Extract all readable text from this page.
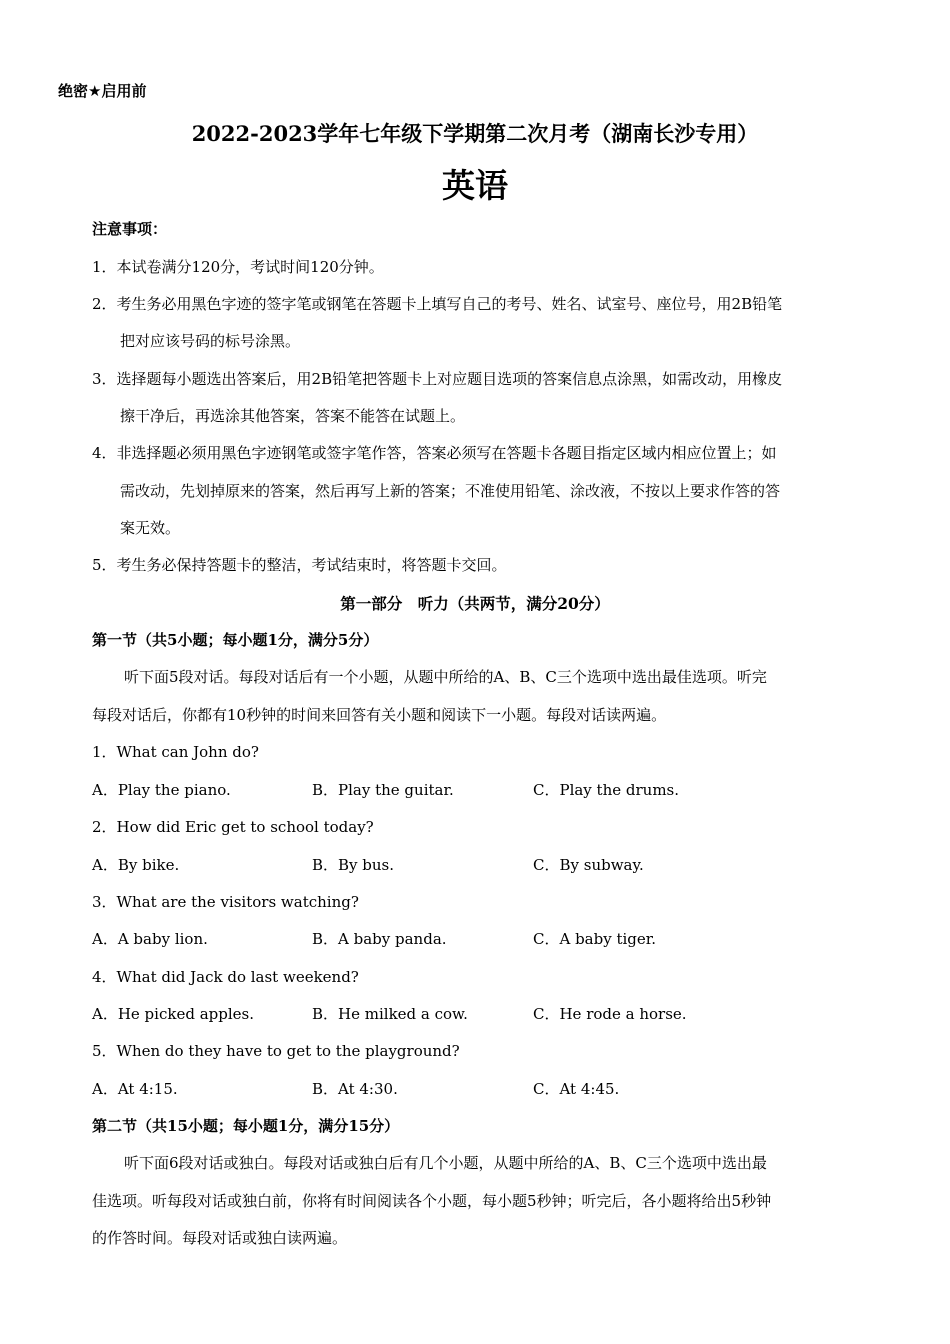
绝密★启用前
2022-2023学年七年级下学期第二次月考（湖南长沙专用）
英语
注意事项：
1．本试卷满分120分，考试时间120分钟。
2．考生务必用黑色字迹的签字笔或钢笔在答题卡上填写自己的考号、姓名、试室号、座位号，用2B铅笔
把对应该号码的标号涂黑。
3．选择题每小题选出答案后，用2B铅笔把答题卡上对应题目选项的答案信息点涂黑，如需改动，用橡皮
擦干净后，再选涂其他答案，答案不能答在试题上。
4．非选择题必须用黑色字迹钢笔或签字笔作答，答案必须写在答题卡各题目指定区域内相应位置上；如
需改动，先划掉原来的答案，然后再写上新的答案；不准使用铅笔、涂改液，不按以上要求作答的答
案无效。
5．考生务必保持答题卡的整洁，考试结束时，将答题卡交回。
第一部分　听力（共两节，满分20分）
第一节（共5小题；每小题1分，满分5分）
听下面5段对话。每段对话后有一个小题，从题中所给的A、B、C三个选项中选出最佳选项。听完
每段对话后，你都有10秒钟的时间来回答有关小题和阅读下一小题。每段对话读两遍。
1．What can John do?
A．Play the piano.	B．Play the guitar.	C．Play the drums.
2．How did Eric get to school today?
A．By bike.	B．By bus.	C．By subway.
3．What are the visitors watching?
A．A baby lion.	B．A baby panda.	C．A baby tiger.
4．What did Jack do last weekend?
A．He picked apples.	B．He milked a cow.	C．He rode a horse.
5．When do they have to get to the playground?
A．At 4:15.	B．At 4:30.	C．At 4:45.
第二节（共15小题；每小题1分，满分15分）
听下面6段对话或独白。每段对话或独白后有几个小题，从题中所给的A、B、C三个选项中选出最
佳选项。听每段对话或独白前，你将有时间阅读各个小题，每小题5秒钟；听完后，各小题将给出5秒钟
的作答时间。每段对话或独白读两遍。
